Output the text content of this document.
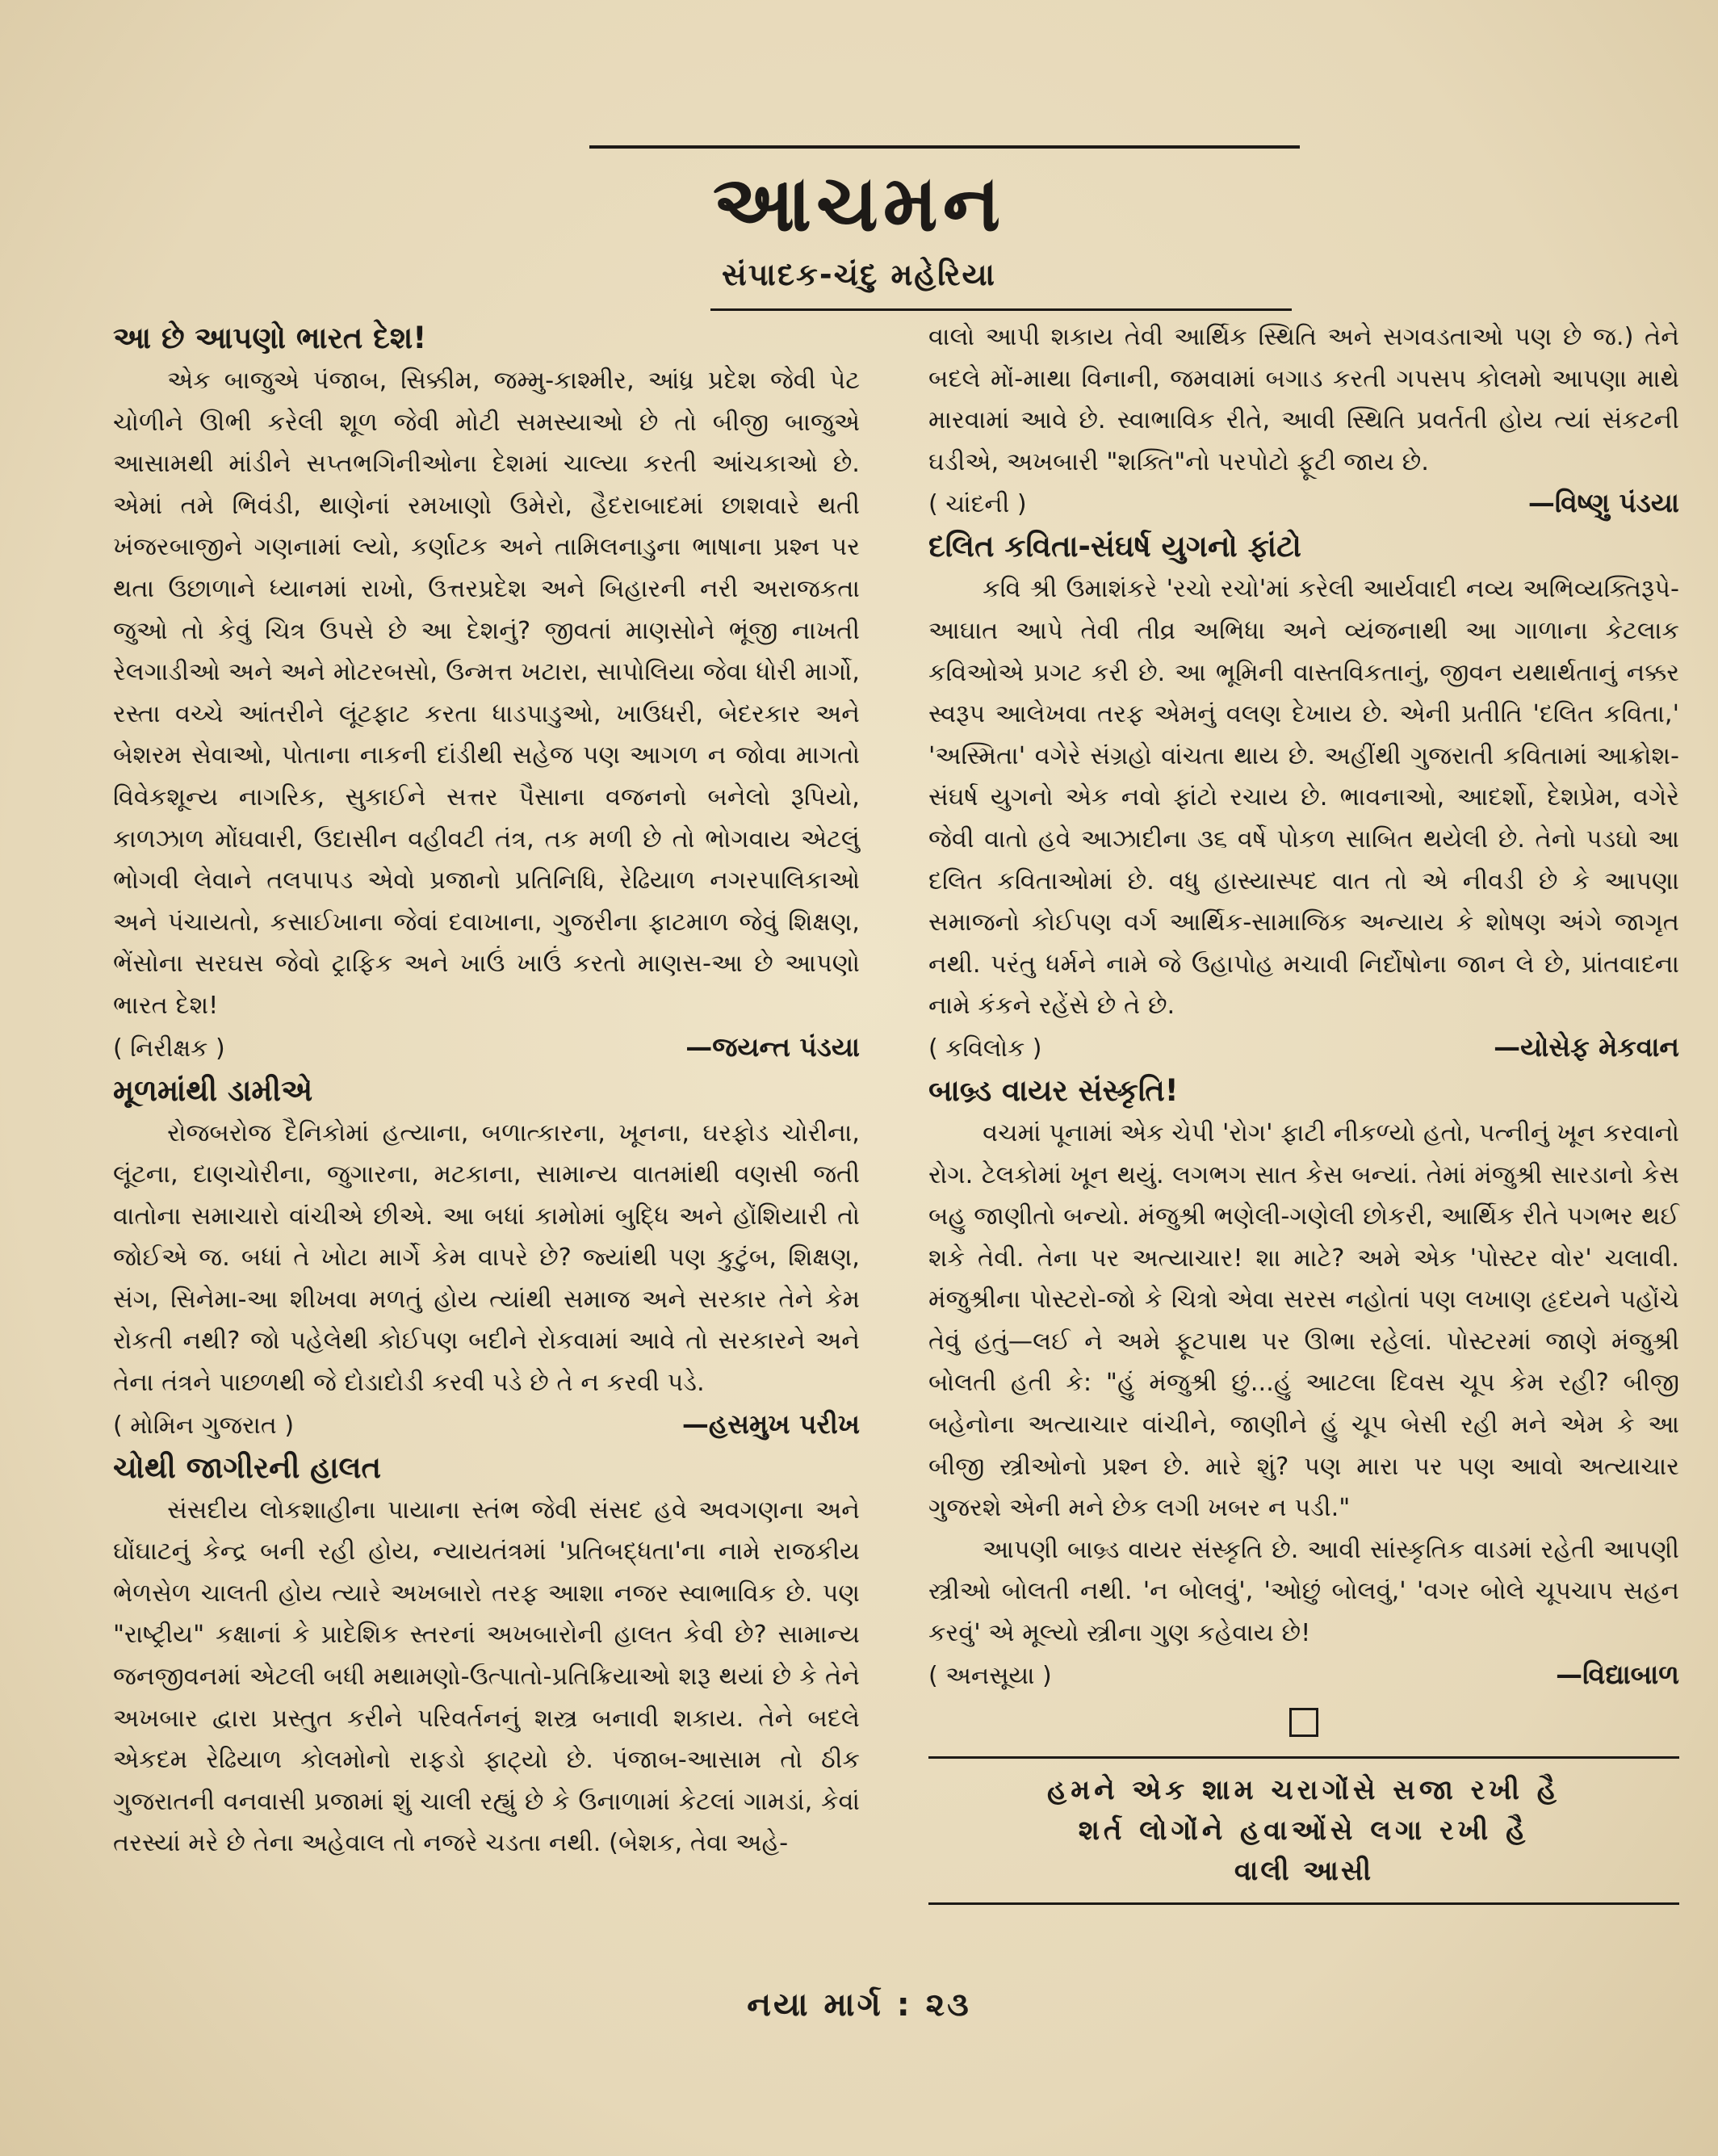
આચમન
સંપાદક-ચંદુ મહેરિયા

આ છે આપણો ભારત દેશ!

એક બાજુએ પંજાબ, સિક્કીમ, જમ્મુ-કાશ્મીર, આંધ્ર પ્રદેશ જેવી પેટ ચોળીને ઊભી કરેલી શૂળ જેવી મોટી સમસ્યાઓ છે તો બીજી બાજુએ આસામથી માંડીને સપ્તભગિનીઓના દેશમાં ચાલ્યા કરતી આંચકાઓ છે. એમાં તમે ભિવંડી, થાણેનાં રમખાણો ઉમેરો, હૈદરાબાદમાં છાશવારે થતી ખંજરબાજીને ગણનામાં લ્યો, કર્ણાટક અને તામિલનાડુના ભાષાના પ્રશ્ન પર થતા ઉછાળાને ધ્યાનમાં રાખો, ઉત્તરપ્રદેશ અને બિહારની નરી અરાજકતા જુઓ તો કેવું ચિત્ર ઉપસે છે આ દેશનું? જીવતાં માણસોને ભૂંજી નાખતી રેલગાડીઓ અને અને મોટરબસો, ઉન્મત્ત ખટારા, સાપોલિયા જેવા ધોરી માર્ગો, રસ્તા વચ્ચે આંતરીને લૂંટફાટ કરતા ધાડપાડુઓ, ખાઉધરી, બેદરકાર અને બેશરમ સેવાઓ, પોતાના નાકની દાંડીથી સહેજ પણ આગળ ન જોવા માગતો વિવેકશૂન્ય નાગરિક, સુકાઈને સત્તર પૈસાના વજનનો બનેલો રૂપિયો, કાળઝાળ મોંઘવારી, ઉદાસીન વહીવટી તંત્ર, તક મળી છે તો ભોગવાય એટલું ભોગવી લેવાને તલપાપડ એવો પ્રજાનો પ્રતિનિધિ, રેઢિયાળ નગરપાલિકાઓ અને પંચાયતો, કસાઈખાના જેવાં દવાખાના, ગુજરીના ફાટમાળ જેવું શિક્ષણ, ભેંસોના સરઘસ જેવો ટ્રાફિક અને ખાઉં ખાઉં કરતો માણસ-આ છે આપણો ભારત દેશ!

( નિરીક્ષક )	—જયન્ત પંડયા

મૂળમાંથી ડામીએ

રોજબરોજ દૈનિકોમાં હત્યાના, બળાત્કારના, ખૂનના, ઘરફોડ ચોરીના, લૂંટના, દાણચોરીના, જુગારના, મટકાના, સામાન્ય વાતમાંથી વણસી જતી વાતોના સમાચારો વાંચીએ છીએ. આ બધાં કામોમાં બુદ્ધિ અને હોંશિયારી તો જોઈએ જ. બધાં તે ખોટા માર્ગે કેમ વાપરે છે? જ્યાંથી પણ કુટુંબ, શિક્ષણ, સંગ, સિનેમા-આ શીખવા મળતું હોય ત્યાંથી સમાજ અને સરકાર તેને કેમ રોકતી નથી? જો પહેલેથી કોઈપણ બદીને રોકવામાં આવે તો સરકારને અને તેના તંત્રને પાછળથી જે દોડાદોડી કરવી પડે છે તે ન કરવી પડે.

( મોમિન ગુજરાત )	—હસમુખ પરીખ

ચોથી જાગીરની હાલત

સંસદીય લોકશાહીના પાયાના સ્તંભ જેવી સંસદ હવે અવગણના અને ઘોંઘાટનું કેન્દ્ર બની રહી હોય, ન્યાયતંત્રમાં 'પ્રતિબદ્ધતા'ના નામે રાજકીય ભેળસેળ ચાલતી હોય ત્યારે અખબારો તરફ આશા નજર સ્વાભાવિક છે. પણ "રાષ્ટ્રીય" કક્ષાનાં કે પ્રાદેશિક સ્તરનાં અખબારોની હાલત કેવી છે? સામાન્ય જનજીવનમાં એટલી બધી મથામણો-ઉત્પાતો-પ્રતિક્રિયાઓ શરૂ થયાં છે કે તેને અખબાર દ્વારા પ્રસ્તુત કરીને પરિવર્તનનું શસ્ત્ર બનાવી શકાય. તેને બદલે એકદમ રેઢિયાળ કોલમોનો રાફડો ફાટ્યો છે. પંજાબ-આસામ તો ઠીક ગુજરાતની વનવાસી પ્રજામાં શું ચાલી રહ્યું છે કે ઉનાળામાં કેટલાં ગામડાં, કેવાં તરસ્યાં મરે છે તેના અહેવાલ તો નજરે ચડતા નથી. (બેશક, તેવા અહે-

વાલો આપી શકાય તેવી આર્થિક સ્થિતિ અને સગવડતાઓ પણ છે જ.) તેને બદલે મોં-માથા વિનાની, જમવામાં બગાડ કરતી ગપસપ કોલમો આપણા માથે મારવામાં આવે છે. સ્વાભાવિક રીતે, આવી સ્થિતિ પ્રવર્તતી હોય ત્યાં સંકટની ઘડીએ, અખબારી "શક્તિ"નો પરપોટો ફૂટી જાય છે.

( ચાંદની )	—વિષ્ણુ પંડયા

દલિત કવિતા-સંઘર્ષ યુગનો ફાંટો

કવિ શ્રી ઉમાશંકરે 'રચો રચો'માં કરેલી આર્યવાદી નવ્ય અભિવ્યક્તિરૂપે-આઘાત આપે તેવી તીવ્ર અભિધા અને વ્યંજનાથી આ ગાળાના કેટલાક કવિઓએ પ્રગટ કરી છે. આ ભૂમિની વાસ્તવિકતાનું, જીવન યથાર્થતાનું નક્કર સ્વરૂપ આલેખવા તરફ એમનું વલણ દેખાય છે. એની પ્રતીતિ 'દલિત કવિતા,' 'અસ્મિતા' વગેરે સંગ્રહો વાંચતા થાય છે. અહીંથી ગુજરાતી કવિતામાં આક્રોશ-સંઘર્ષ યુગનો એક નવો ફાંટો રચાય છે. ભાવનાઓ, આદર્શો, દેશપ્રેમ, વગેરે જેવી વાતો હવે આઝાદીના ૩૬ વર્ષે પોકળ સાબિત થયેલી છે. તેનો પડઘો આ દલિત કવિતાઓમાં છે. વધુ હાસ્યાસ્પદ વાત તો એ નીવડી છે કે આપણા સમાજનો કોઈપણ વર્ગ આર્થિક-સામાજિક અન્યાય કે શોષણ અંગે જાગૃત નથી. પરંતુ ધર્મને નામે જે ઉહાપોહ મચાવી નિર્દોષોના જાન લે છે, પ્રાંતવાદના નામે કંકને રહેંસે છે તે છે.

( કવિલોક )	—યોસેફ મેકવાન

બાબ્ર્ડ વાયર સંસ્કૃતિ!

વચમાં પૂનામાં એક ચેપી 'રોગ' ફાટી નીકળ્યો હતો, પત્નીનું ખૂન કરવાનો રોગ. ટેલકોમાં ખૂન થયું. લગભગ સાત કેસ બન્યાં. તેમાં મંજુશ્રી સારડાનો કેસ બહુ જાણીતો બન્યો. મંજુશ્રી ભણેલી-ગણેલી છોકરી, આર્થિક રીતે પગભર થઈ શકે તેવી. તેના પર અત્યાચાર! શા માટે? અમે એક 'પોસ્ટર વોર' ચલાવી. મંજુશ્રીના પોસ્ટરો-જો કે ચિત્રો એવા સરસ નહોતાં પણ લખાણ હૃદયને પહોંચે તેવું હતું—લઈ ને અમે ફૂટપાથ પર ઊભા રહેલાં. પોસ્ટરમાં જાણે મંજુશ્રી બોલતી હતી કે: "હું મંજુશ્રી છું...હું આટલા દિવસ ચૂપ કેમ રહી? બીજી બહેનોના અત્યાચાર વાંચીને, જાણીને હું ચૂપ બેસી રહી મને એમ કે આ બીજી સ્ત્રીઓનો પ્રશ્ન છે. મારે શું? પણ મારા પર પણ આવો અત્યાચાર ગુજરશે એની મને છેક લગી ખબર ન પડી."

આપણી બાબ્ર્ડ વાયર સંસ્કૃતિ છે. આવી સાંસ્કૃતિક વાડમાં રહેતી આપણી સ્ત્રીઓ બોલતી નથી. 'ન બોલવું', 'ઓછું બોલવું,' 'વગર બોલે ચૂપચાપ સહન કરવું' એ મૂલ્યો સ્ત્રીના ગુણ કહેવાય છે!

( અનસૂયા )	—વિદ્યાબાળ
હમને એક શામ ચરાગોંસે સજા રખી હૈ
શર્ત લોગોંને હવાઓંસે લગા રખી હૈ
વાલી આસી
નયા માર્ગ : ૨૩
